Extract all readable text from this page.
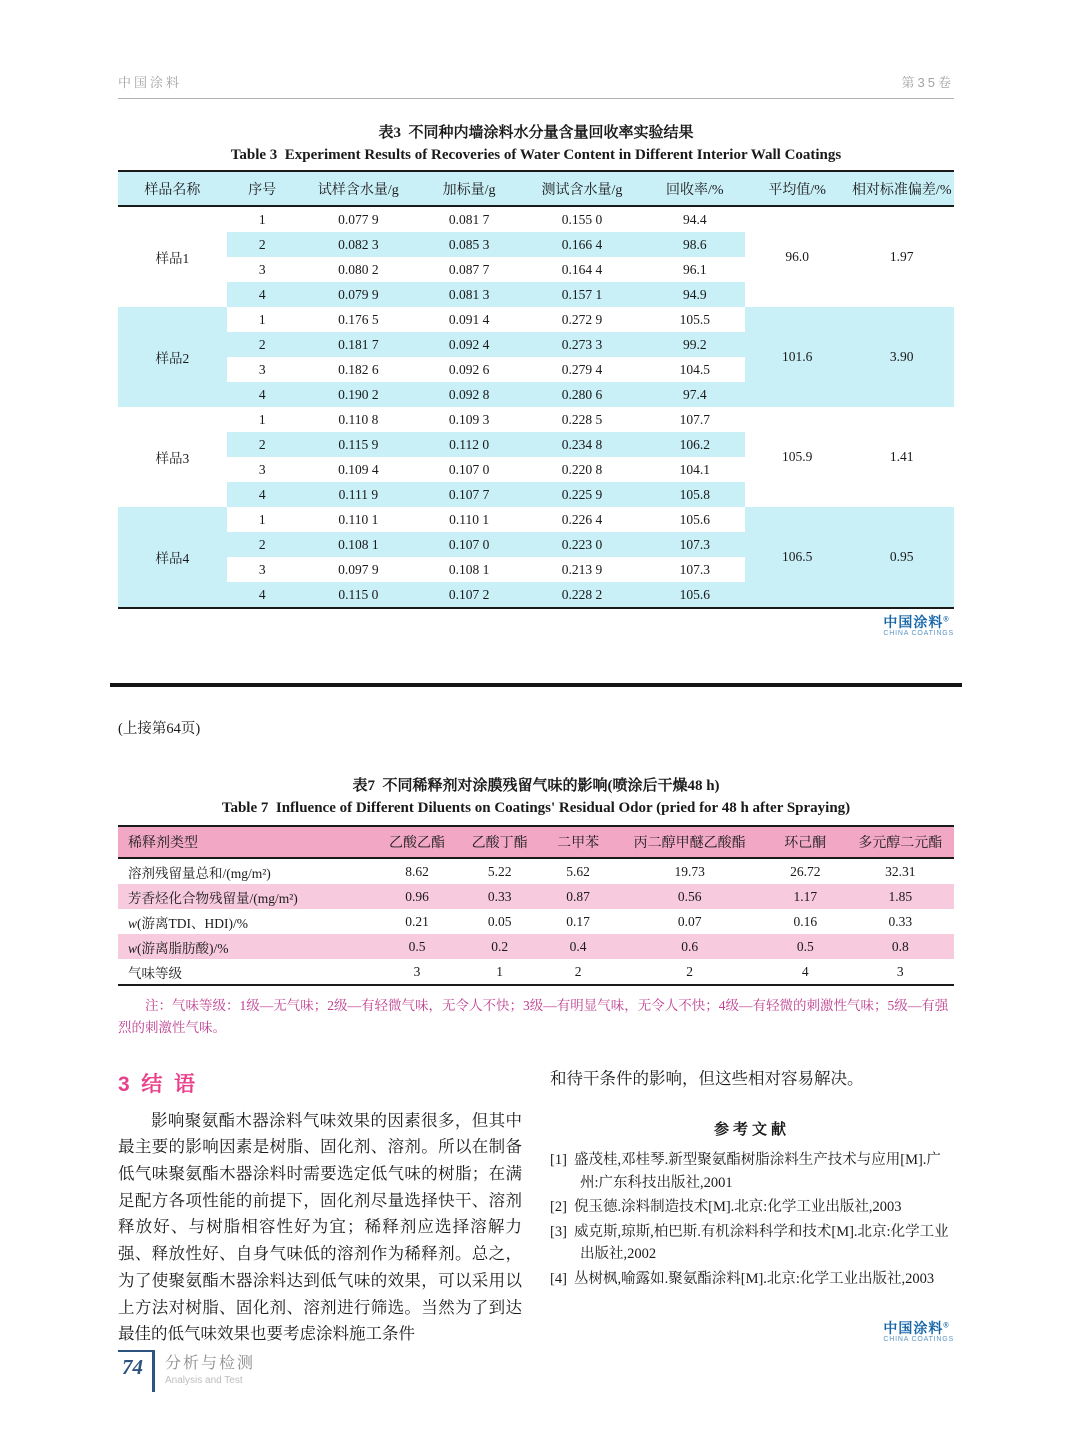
中国涂料	第35卷
表3  不同种内墙涂料水分量含量回收率实验结果
Table 3  Experiment Results of Recoveries of Water Content in Different Interior Wall Coatings
样品名称	序号	试样含水量/g	加标量/g	测试含水量/g	回收率/%	平均值/%	相对标准偏差/%
样品1	1	0.077 9	0.081 7	0.155 0	94.4	96.0	1.97
	2	0.082 3	0.085 3	0.166 4	98.6		
	3	0.080 2	0.087 7	0.164 4	96.1		
	4	0.079 9	0.081 3	0.157 1	94.9		
样品2	1	0.176 5	0.091 4	0.272 9	105.5	101.6	3.90
	2	0.181 7	0.092 4	0.273 3	99.2		
	3	0.182 6	0.092 6	0.279 4	104.5		
	4	0.190 2	0.092 8	0.280 6	97.4		
样品3	1	0.110 8	0.109 3	0.228 5	107.7	105.9	1.41
	2	0.115 9	0.112 0	0.234 8	106.2		
	3	0.109 4	0.107 0	0.220 8	104.1		
	4	0.111 9	0.107 7	0.225 9	105.8		
样品4	1	0.110 1	0.110 1	0.226 4	105.6	106.5	0.95
	2	0.108 1	0.107 0	0.223 0	107.3		
	3	0.097 9	0.108 1	0.213 9	107.3		
	4	0.115 0	0.107 2	0.228 2	105.6		
中国涂料®
CHINA COATINGS
(上接第64页)
表7  不同稀释剂对涂膜残留气味的影响(喷涂后干燥48 h)
Table 7  Influence of Different Diluents on Coatings' Residual Odor (pried for 48 h after Spraying)
稀释剂类型	乙酸乙酯	乙酸丁酯	二甲苯	丙二醇甲醚乙酸酯	环己酮	多元醇二元酯
溶剂残留量总和/(mg/m²)	8.62	5.22	5.62	19.73	26.72	32.31
芳香烃化合物残留量/(mg/m²)	0.96	0.33	0.87	0.56	1.17	1.85
w(游离TDI、HDI)/%	0.21	0.05	0.17	0.07	0.16	0.33
w(游离脂肪酸)/%	0.5	0.2	0.4	0.6	0.5	0.8
气味等级	3	1	2	2	4	3
注：气味等级：1级—无气味；2级—有轻微气味，无令人不快；3级—有明显气味，无令人不快；4级—有轻微的刺激性气味；5级—有强烈的刺激性气味。
3  结  语

影响聚氨酯木器涂料气味效果的因素很多，但其中最主要的影响因素是树脂、固化剂、溶剂。所以在制备低气味聚氨酯木器涂料时需要选定低气味的树脂；在满足配方各项性能的前提下，固化剂尽量选择快干、溶剂释放好、与树脂相容性好为宜；稀释剂应选择溶解力强、释放性好、自身气味低的溶剂作为稀释剂。总之，为了使聚氨酯木器涂料达到低气味的效果，可以采用以上方法对树脂、固化剂、溶剂进行筛选。当然为了到达最佳的低气味效果也要考虑涂料施工条件

和待干条件的影响，但这些相对容易解决。

参考文献
[1] 盛茂桂,邓桂琴.新型聚氨酯树脂涂料生产技术与应用[M].广州:广东科技出版社,2001
[2] 倪玉德.涂料制造技术[M].北京:化学工业出版社,2003
[3] 威克斯,琼斯,柏巴斯.有机涂料科学和技术[M].北京:化学工业出版社,2002
[4] 丛树枫,喻露如.聚氨酯涂料[M].北京:化学工业出版社,2003
中国涂料®
CHINA COATINGS
74	分析与检测
Analysis and Test
